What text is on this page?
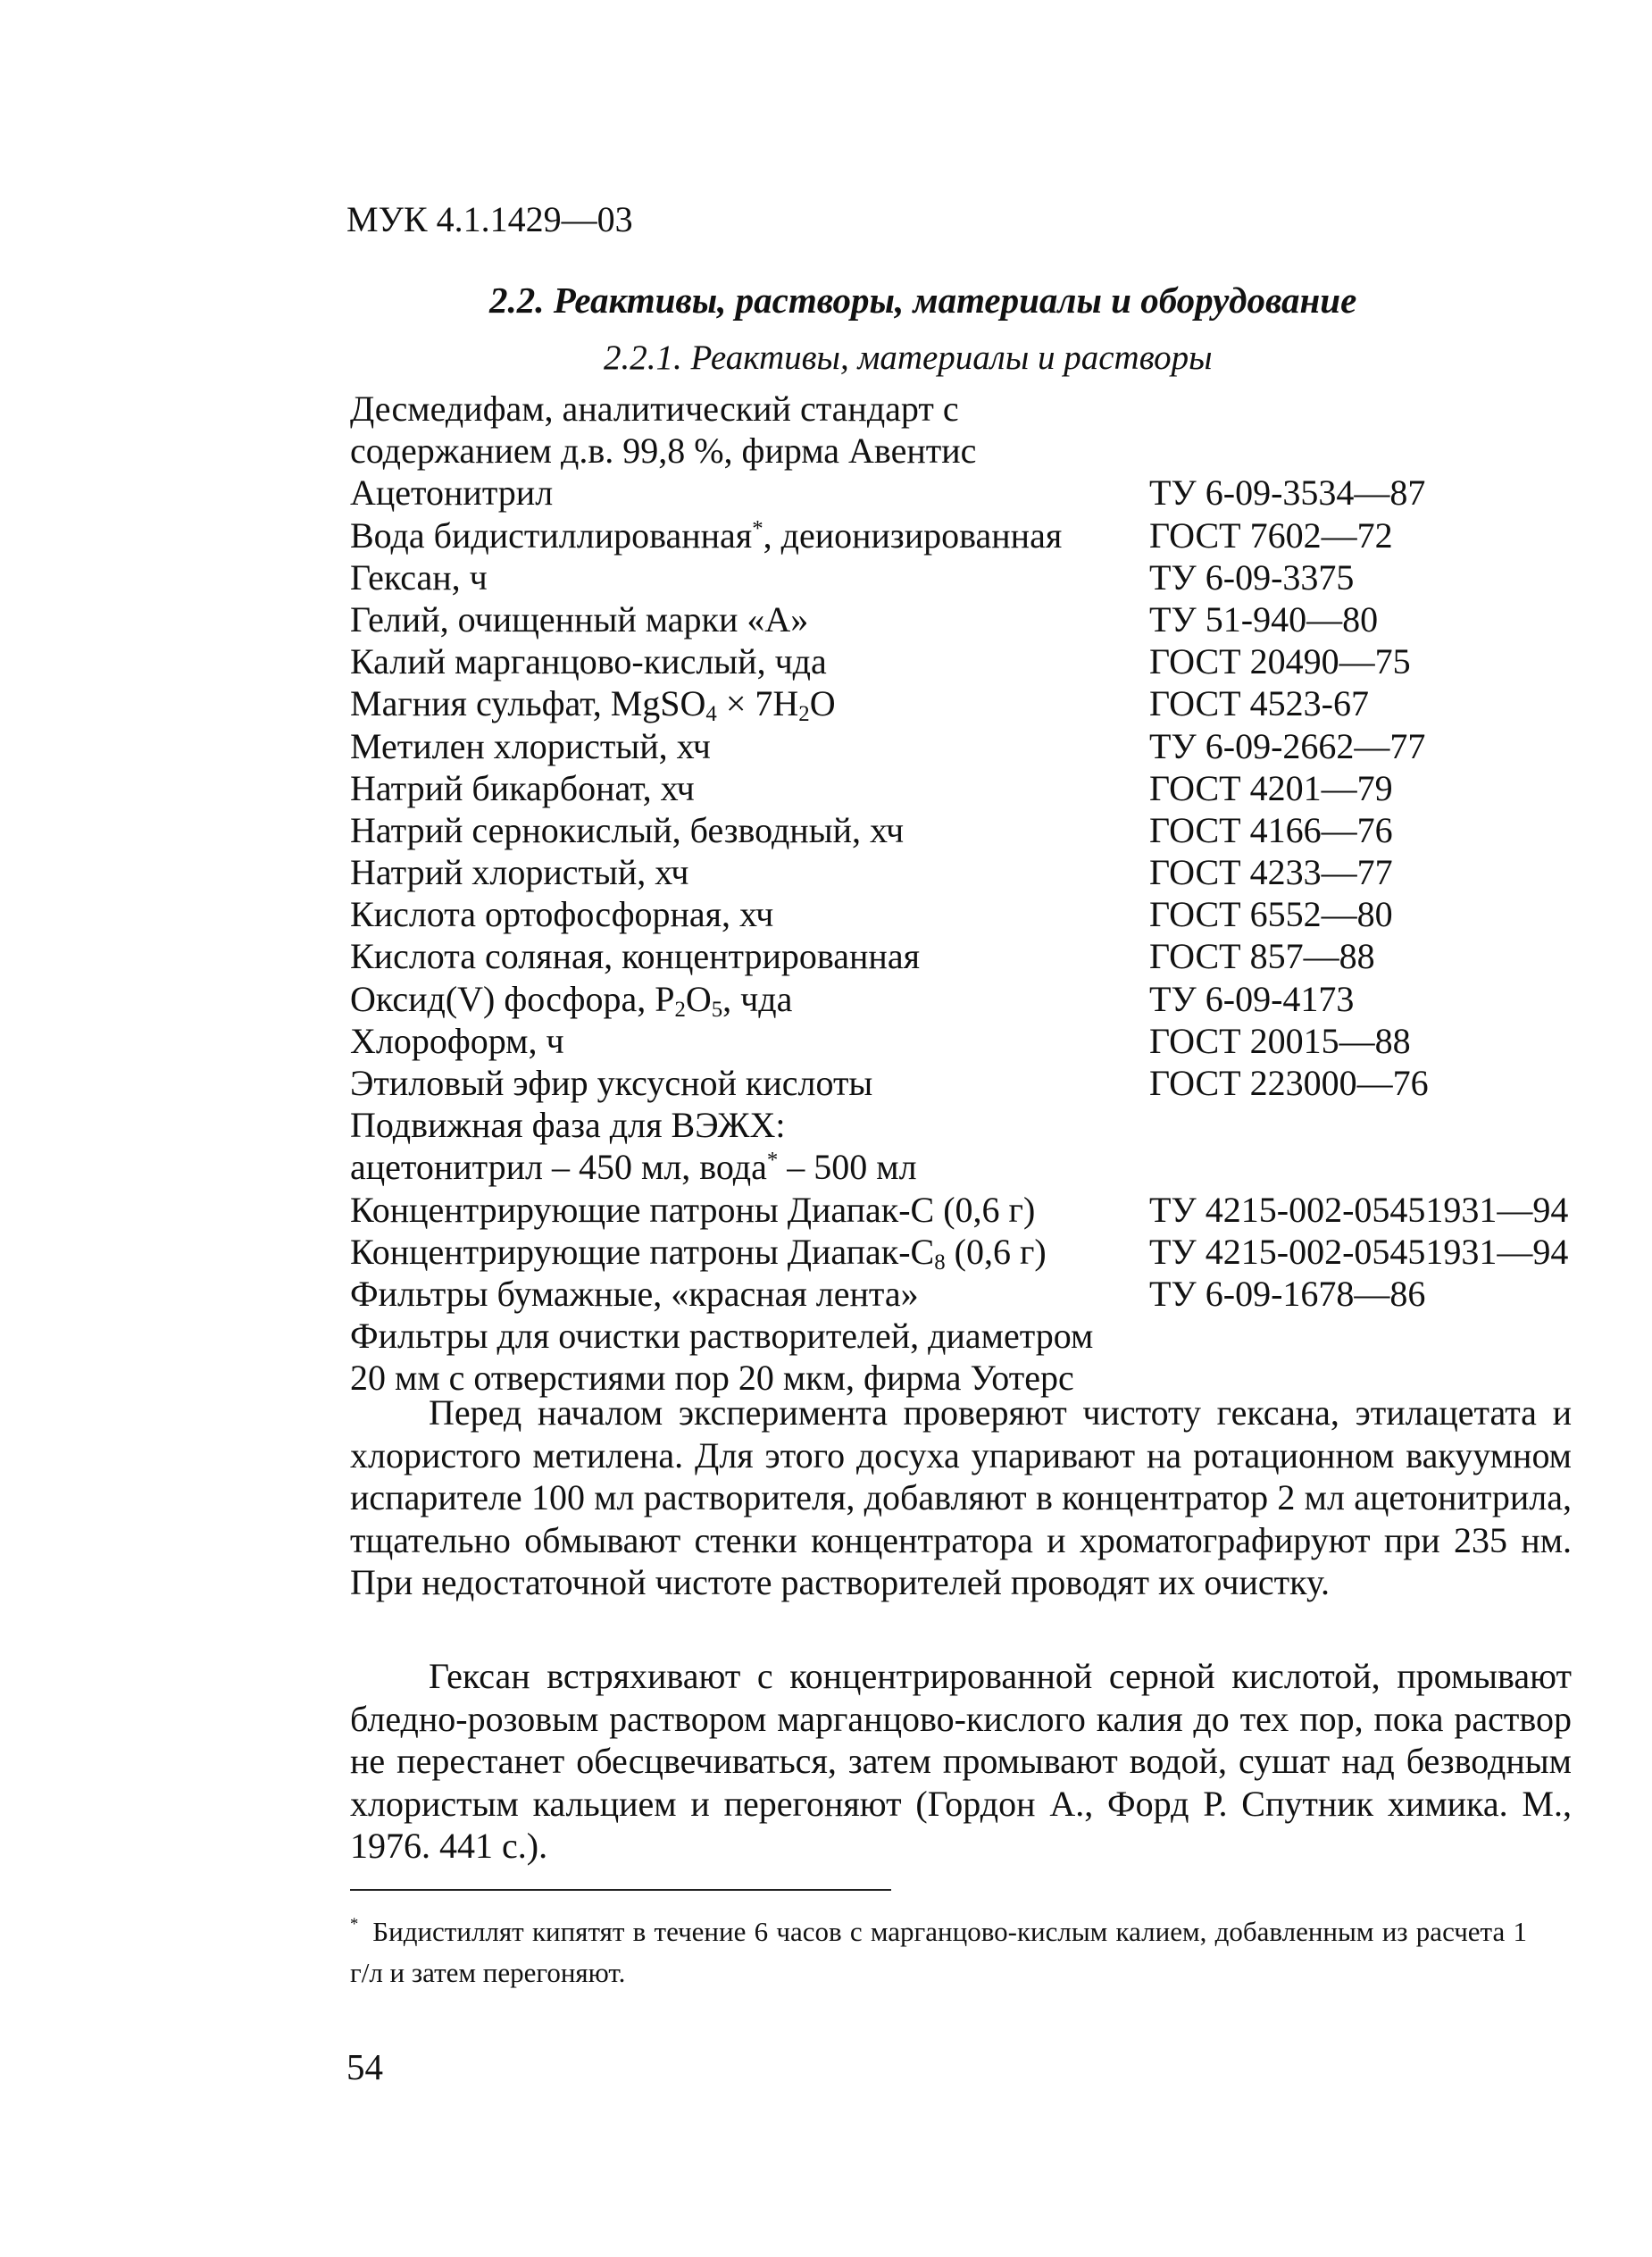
МУК 4.1.1429—03
2.2. Реактивы, растворы, материалы и оборудование
2.2.1. Реактивы, материалы и растворы
Десмедифам, аналитический стандарт с
содержанием д.в. 99,8 %, фирма Авентис
Ацетонитрил	ТУ 6-09-3534—87
Вода бидистиллированная*, деионизированная ГОСТ 7602—72
Гексан, ч	ТУ 6-09-3375
Гелий, очищенный марки «А»	ТУ 51-940—80
Калий марганцово-кислый, чда	ГОСТ 20490—75
Магния сульфат, MgSO$_4$ × $7H_2O$	ГОСТ 4523-67
Метилен хлористый, хч	ТУ 6-09-2662—77
Натрий бикарбонат, хч	ГОСТ 4201—79
Натрий сернокислый, безводный, хч	ГОСТ 4166—76
Натрий хлористый, хч	ГОСТ 4233—77
Кислота ортофосфорная, хч	ГОСТ 6552—80
Кислота соляная, концентрированная	ГОСТ 857—88
Оксид(V) фосфора, $P_2O_5$, чда	ТУ 6-09-4173
Хлороформ, ч	ГОСТ 20015—88
Этиловый эфир уксусной кислоты	ГОСТ 223000—76
Подвижная фаза для ВЭЖХ:
ацетонитрил – 450 мл, вода* – 500 мл
Концентрирующие патроны Диапак-С (0,6 г)	ТУ 4215-002-05451931—94
Концентрирующие патроны Диапак-$С_8$ (0,6 г)	ТУ 4215-002-05451931—94
Фильтры бумажные, «красная лента»	ТУ 6-09-1678—86
Фильтры для очистки растворителей, диаметром
20 мм с отверстиями пор 20 мкм, фирма Уотерс

Перед началом эксперимента проверяют чистоту гексана, этилацетата и хлористого метилена. Для этого досуха упаривают на ротационном вакуумном испарителе 100 мл растворителя, добавляют в концентратор 2 мл ацетонитрила, тщательно обмывают стенки концентратора и хроматографируют при 235 нм. При недостаточной чистоте растворителей проводят их очистку.

Гексан встряхивают с концентрированной серной кислотой, промывают бледно-розовым раствором марганцово-кислого калия до тех пор, пока раствор не перестанет обесцвечиваться, затем промывают водой, сушат над безводным хлористым кальцием и перегоняют (Гордон А., Форд Р. Спутник химика. М., 1976. 441 с.).

* Бидистиллят кипятят в течение 6 часов с марганцово-кислым калием, добавленным из расчета 1 г/л и затем перегоняют.

54
